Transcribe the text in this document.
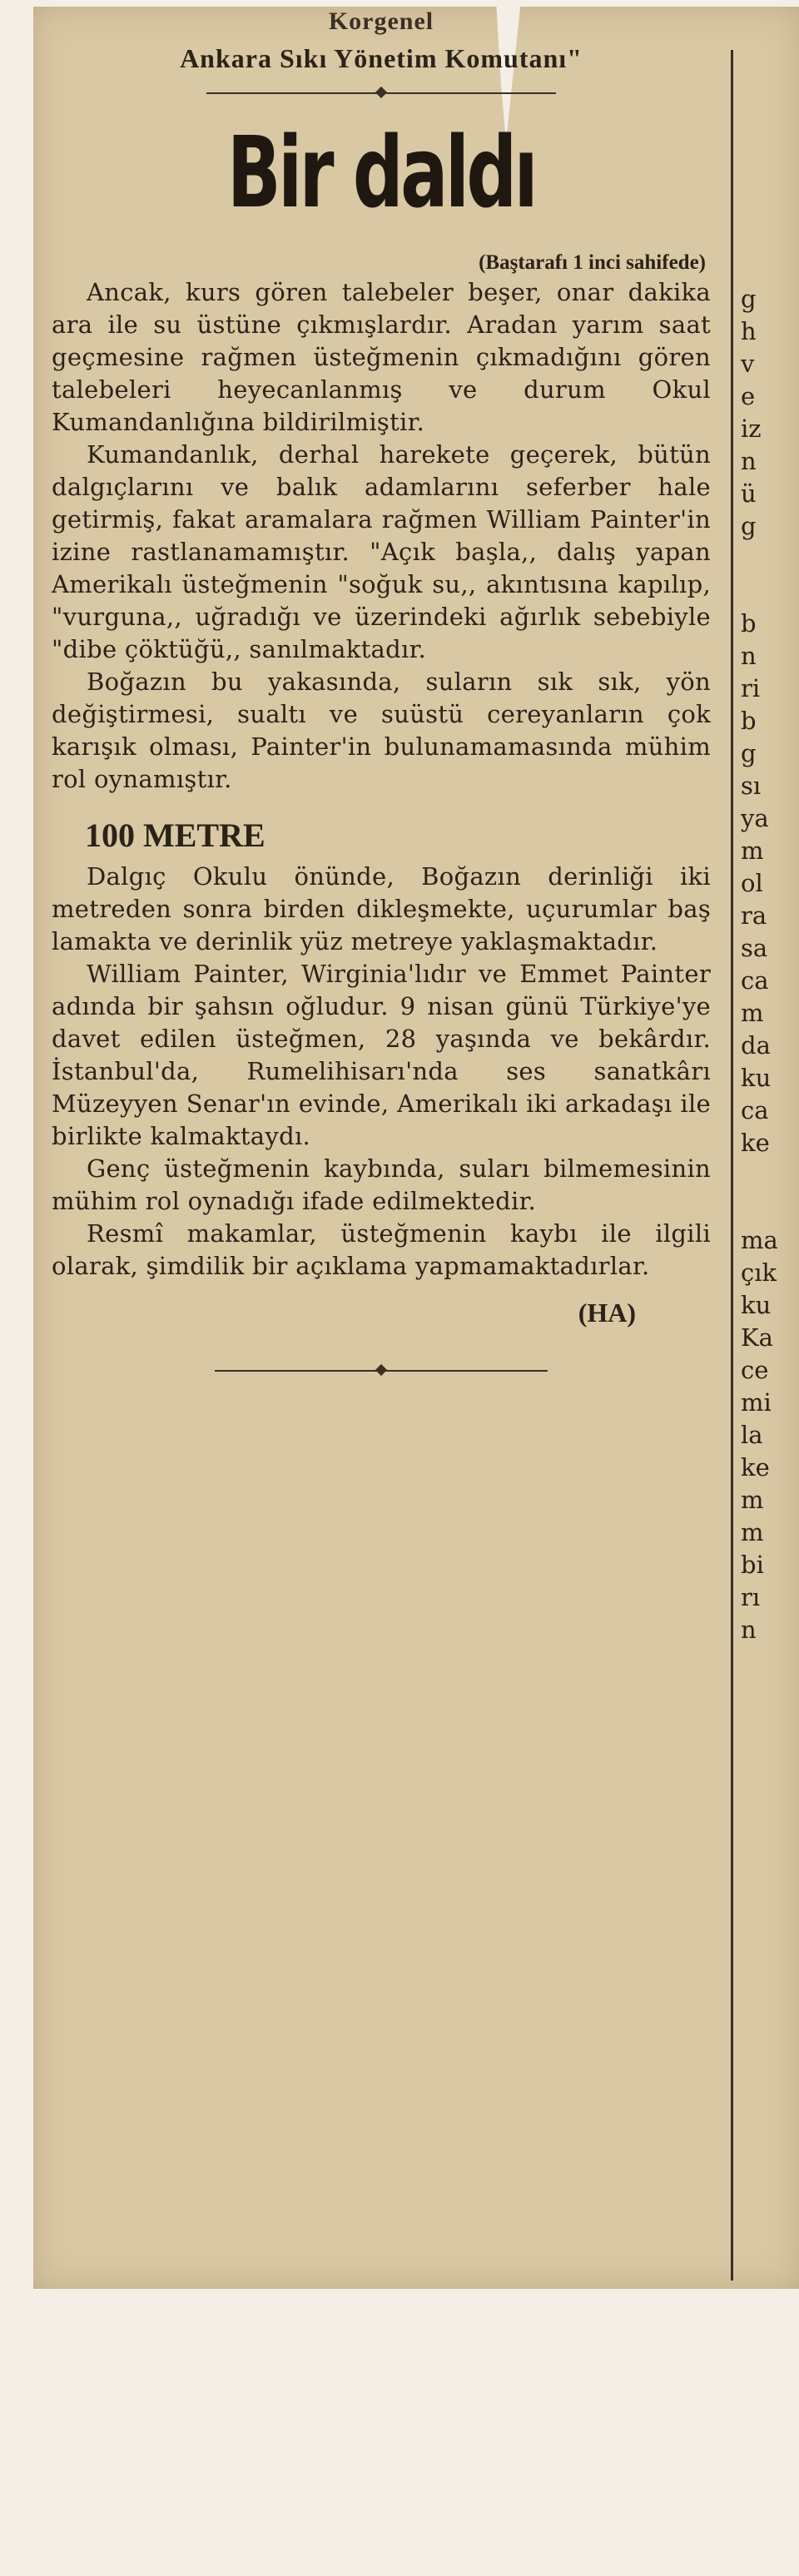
Korgenel
Ankara Sıkı Yönetim Komutanı"
Bir daldı
(Baştarafı 1 inci sahifede)

Ancak, kurs gören talebeler beşer, onar dakika ara ile su üstüne çıkmışlardır. Aradan yarım saat geçmesine rağmen üsteğmenin çıkmadığını gören talebeleri heyecanlanmış ve durum Okul Kumandanlığına bildirilmiştir.

Kumandanlık, derhal harekete geçerek, bütün dalgıçlarını ve balık adamlarını seferber hale getirmiş, fakat aramalara rağmen William Painter'in izine rastlanamamıştır. "Açık başla,, dalış yapan Amerikalı üsteğmenin "soğuk su,, akıntısına kapılıp, "vurguna,, uğradığı ve üzerindeki ağırlık sebebiyle "dibe çöktüğü,, sanılmaktadır.

Boğazın bu yakasında, suların sık sık, yön değiştirmesi, sualtı ve suüstü cereyanların çok karışık olması, Painter'in bulunamamasında mühim rol oynamıştır.

100 METRE

Dalgıç Okulu önünde, Boğazın derinliği iki metreden sonra birden dikleşmekte, uçurumlar baş lamakta ve derinlik yüz metreye yaklaşmaktadır.

William Painter, Wirginia'lıdır ve Emmet Painter adında bir şahsın oğludur. 9 nisan günü Türkiye'ye davet edilen üsteğmen, 28 yaşında ve bekârdır. İstanbul'da, Rumelihisarı'nda ses sanatkârı Müzeyyen Senar'ın evinde, Amerikalı iki arkadaşı ile birlikte kalmaktaydı.

Genç üsteğmenin kaybında, suları bilmemesinin mühim rol oynadığı ifade edilmektedir.

Resmî makamlar, üsteğmenin kaybı ile ilgili olarak, şimdilik bir açıklama yapmamaktadırlar.

(HA)
g
h
v
e
iz
n
ü
g
b
n
ri
b
g
sı
ya
m
ol
ra
sa
ca
m
da
ku
ca
ke
ma
çık
ku
Ka
ce
mi
la
ke
m
m
bi
rı
n
